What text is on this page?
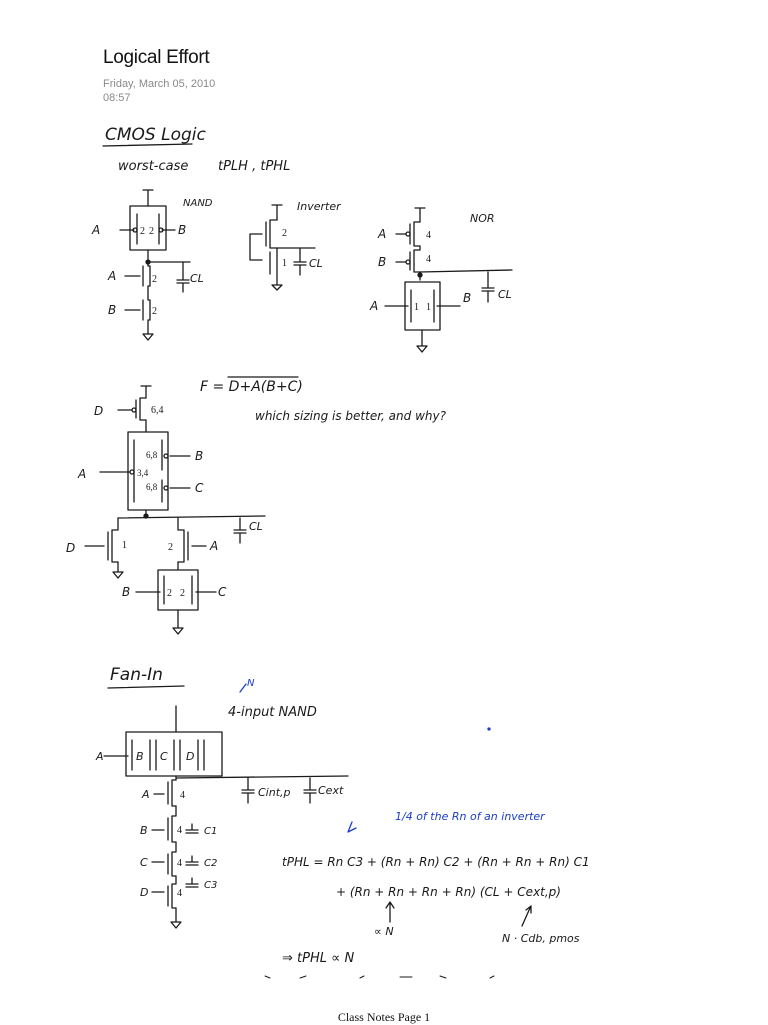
Logical Effort
Friday, March 05, 2010
08:57
CMOS Logic
worst-case tPLH , tPHL
NAND
A	B
2 2
CL
A	2
B	2
Inverter
2
CL
1
NOR
A	4
B	4
CL
A
B
1 1
F = D+A(B+C)
which sizing is better, and why?
D	6,4
A	3,4
B
C
6,8
6,8
CL
D	1	A
2
B	C
2 2
Fan-In	N
4-input NAND
A	B C D
Cint,p Cext
A	4
B	4 C1
C	4 C2
D	4
C3
1/4 of the Rn of an inverter
tPHL = Rn C3 + (Rn + Rn) C2 + (Rn + Rn + Rn) C1
+ (Rn + Rn + Rn + Rn) (CL + Cext,p)
∝ N
N · Cdb, pmos
⇒ tPHL ∝ N
Class Notes Page 1
